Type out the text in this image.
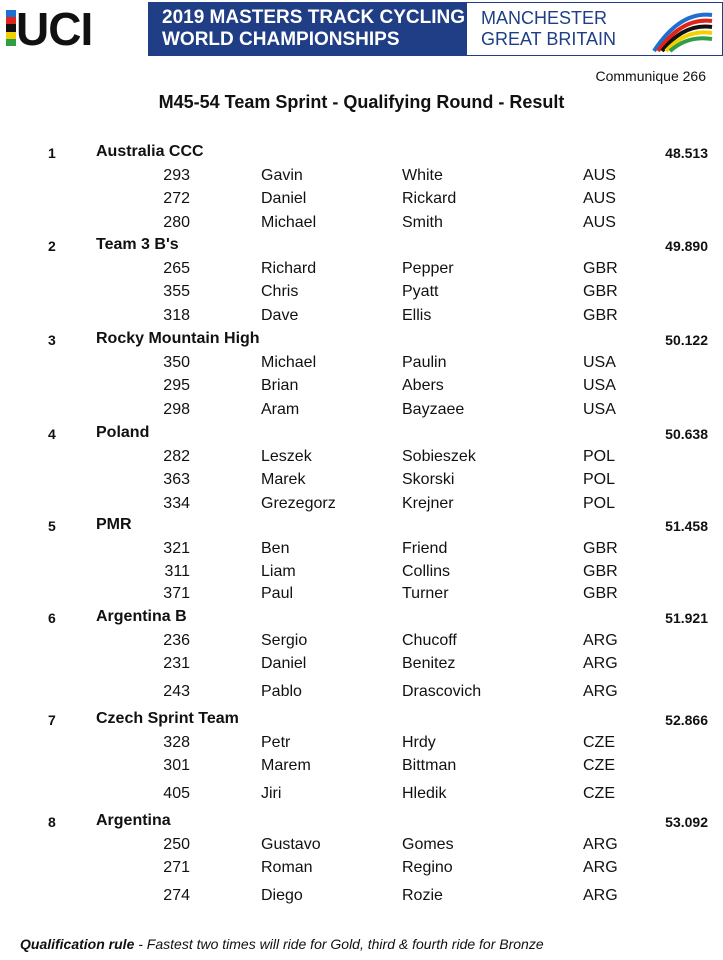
UCI	2019 MASTERS TRACK CYCLING
WORLD CHAMPIONSHIPS
MANCHESTER
GREAT BRITAIN
Communique 266
M45-54 Team Sprint - Qualifying Round - Result
1	Australia CCC	48.513
293	Gavin	White	AUS
272	Daniel	Rickard	AUS
280	Michael	Smith	AUS
2	Team 3 B's	49.890
265	Richard	Pepper	GBR
355	Chris	Pyatt	GBR
318	Dave	Ellis	GBR
3	Rocky Mountain High	50.122
350	Michael	Paulin	USA
295	Brian	Abers	USA
298	Aram	Bayzaee	USA
4	Poland	50.638
282	Leszek	Sobieszek	POL
363	Marek	Skorski	POL
334	Grezegorz	Krejner	POL
5	PMR	51.458
321	Ben	Friend	GBR
311	Liam	Collins	GBR
371	Paul	Turner	GBR
6	Argentina B	51.921
236	Sergio	Chucoff	ARG
231	Daniel	Benitez	ARG
243	Pablo	Drascovich	ARG
7	Czech Sprint Team	52.866
328	Petr	Hrdy	CZE
301	Marem	Bittman	CZE
405	Jiri	Hledik	CZE
8	Argentina	53.092
250	Gustavo	Gomes	ARG
271	Roman	Regino	ARG
274	Diego	Rozie	ARG
Qualification rule - Fastest two times will ride for Gold, third & fourth ride for Bronze
